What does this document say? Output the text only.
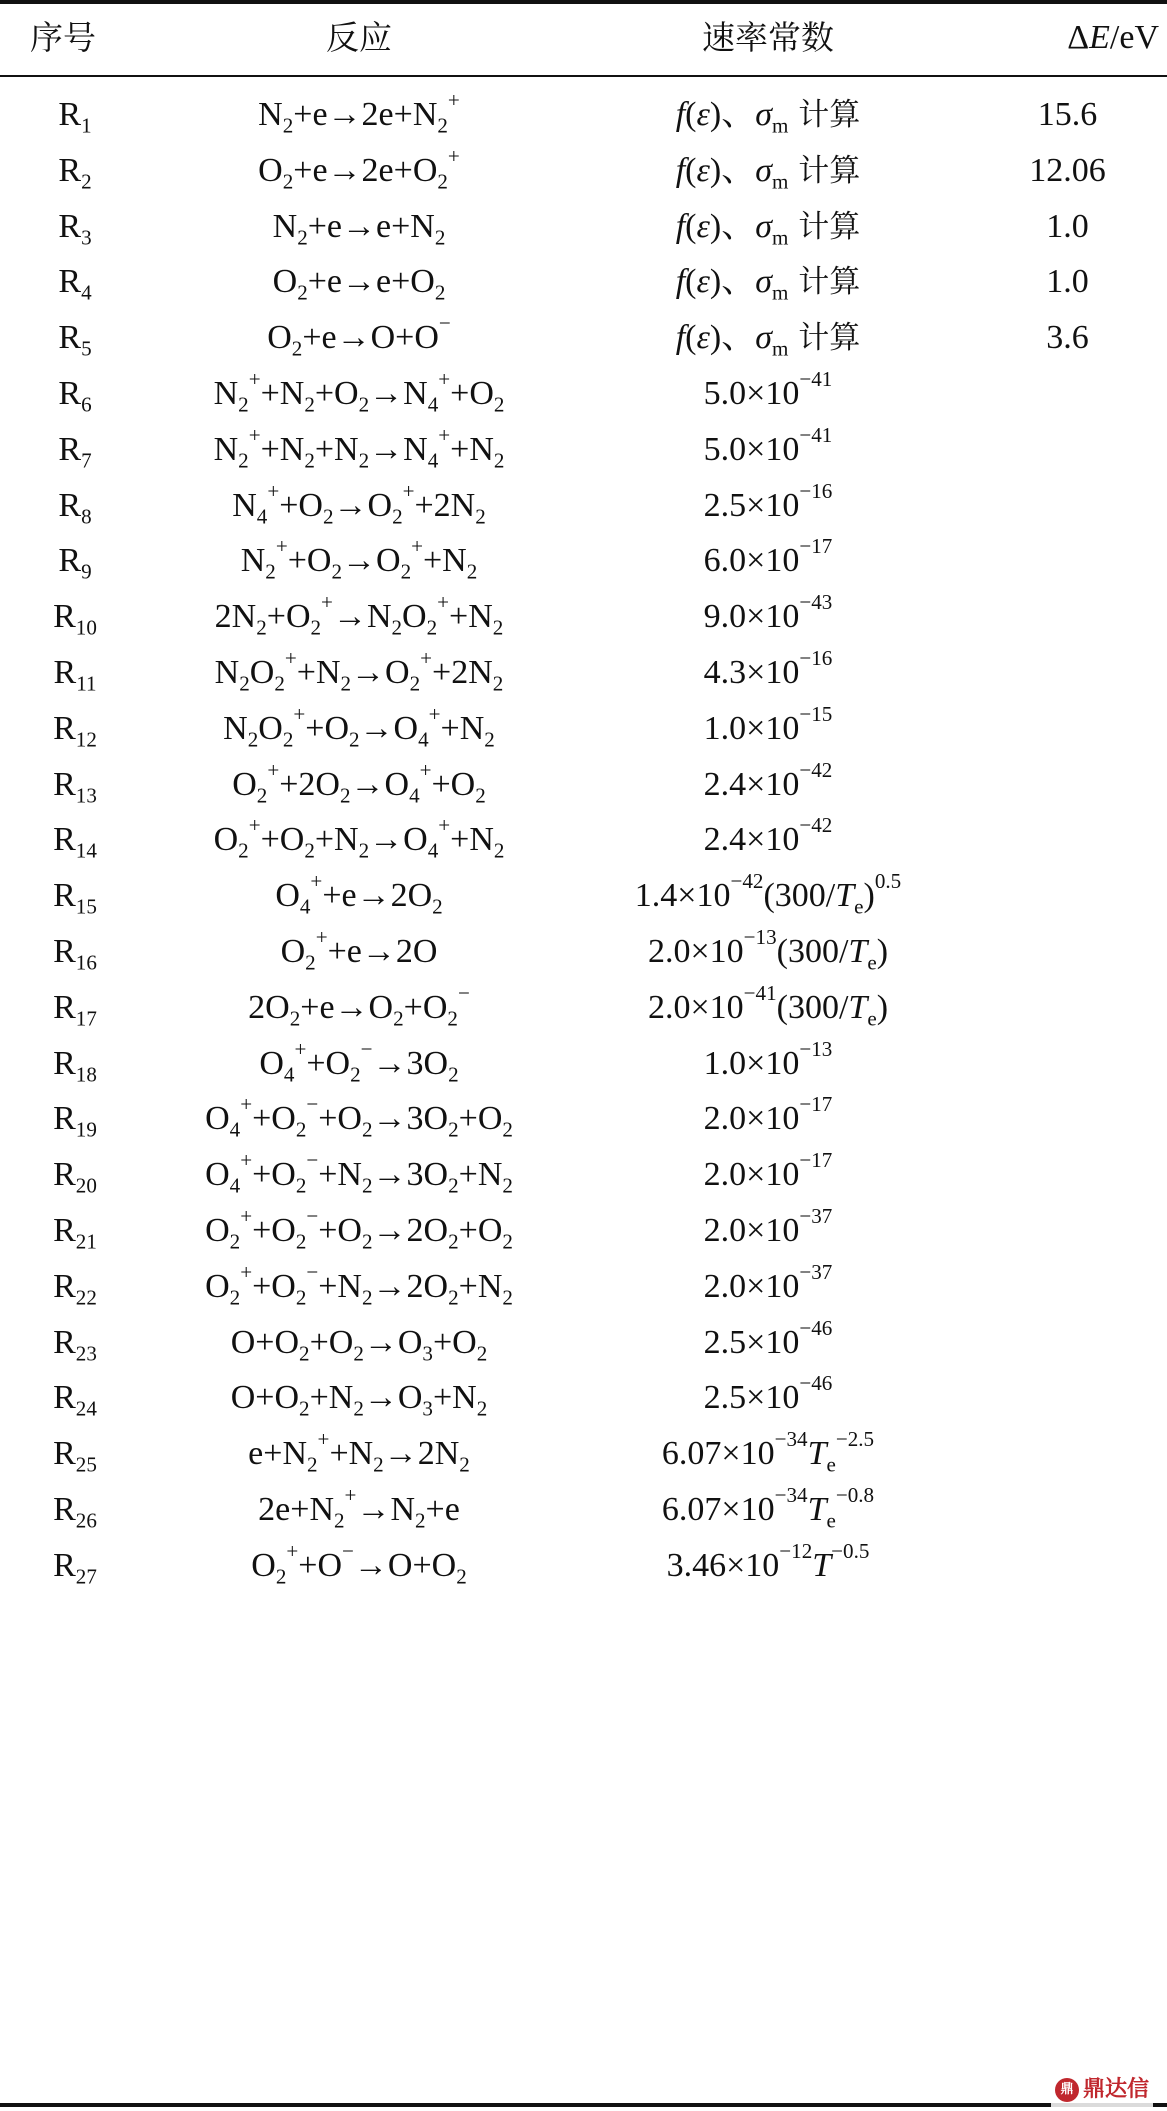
序号	反应	速率常数	ΔE/eV
$R_1$	$N_2+e\to 2e+N_2^+$	f(ε)、$\sigma_m$ 计算	15.6
$R_2$	$O_2+e\to 2e+O_2^+$	f(ε)、$\sigma_m$ 计算	12.06
$R_3$	$N_2+e\to e+N_2$	f(ε)、$\sigma_m$ 计算	1.0
$R_4$	$O_2+e\to e+O_2$	f(ε)、$\sigma_m$ 计算	1.0
$R_5$	$O_2+e\to O+O^-$	f(ε)、$\sigma_m$ 计算	3.6
$R_6$	$N_2^++N_2+O_2\to N_4^++O_2$	$5.0\times 10^{-41}$
$R_7$	$N_2^++N_2+N_2\to N_4^++N_2$	$5.0\times 10^{-41}$
$R_8$	$N_4^++O_2\to O_2^++2N_2$	$2.5\times 10^{-16}$
$R_9$	$N_2^++O_2\to O_2^++N_2$	$6.0\times 10^{-17}$
$R_{10}$	$2N_2+O_2^+\to N_2O_2^++N_2$	$9.0\times 10^{-43}$
$R_{11}$	$N_2O_2^++N_2\to O_2^++2N_2$	$4.3\times 10^{-16}$
$R_{12}$	$N_2O_2^++O_2\to O_4^++N_2$	$1.0\times 10^{-15}$
$R_{13}$	$O_2^++2O_2\to O_4^++O_2$	$2.4\times 10^{-42}$
$R_{14}$	$O_2^++O_2+N_2\to O_4^++N_2$	$2.4\times 10^{-42}$
$R_{15}$	$O_4^++e\to 2O_2$	$1.4\times 10^{-42}(300/T_e)^{0.5}$
$R_{16}$	$O_2^++e\to 2O$	$2.0\times 10^{-13}(300/T_e)$
$R_{17}$	$2O_2+e\to O_2+O_2^-$	$2.0\times 10^{-41}(300/T_e)$
$R_{18}$	$O_4^++O_2^-\to 3O_2$	$1.0\times 10^{-13}$
$R_{19}$	$O_4^++O_2^-+O_2\to 3O_2+O_2$	$2.0\times 10^{-17}$
$R_{20}$	$O_4^++O_2^-+N_2\to 3O_2+N_2$	$2.0\times 10^{-17}$
$R_{21}$	$O_2^++O_2^-+O_2\to 2O_2+O_2$	$2.0\times 10^{-37}$
$R_{22}$	$O_2^++O_2^-+N_2\to 2O_2+N_2$	$2.0\times 10^{-37}$
$R_{23}$	$O+O_2+O_2\to O_3+O_2$	$2.5\times 10^{-46}$
$R_{24}$	$O+O_2+N_2\to O_3+N_2$	$2.5\times 10^{-46}$
$R_{25}$	$e+N_2^++N_2\to 2N_2$	$6.07\times 10^{-34}T_e^{-2.5}$
$R_{26}$	$2e+N_2^+\to N_2+e$	$6.07\times 10^{-34}T_e^{-0.8}$
$R_{27}$	$O_2^++O^-\to O+O_2$	$3.46\times 10^{-12}T^{-0.5}$
鼎 鼎达信
